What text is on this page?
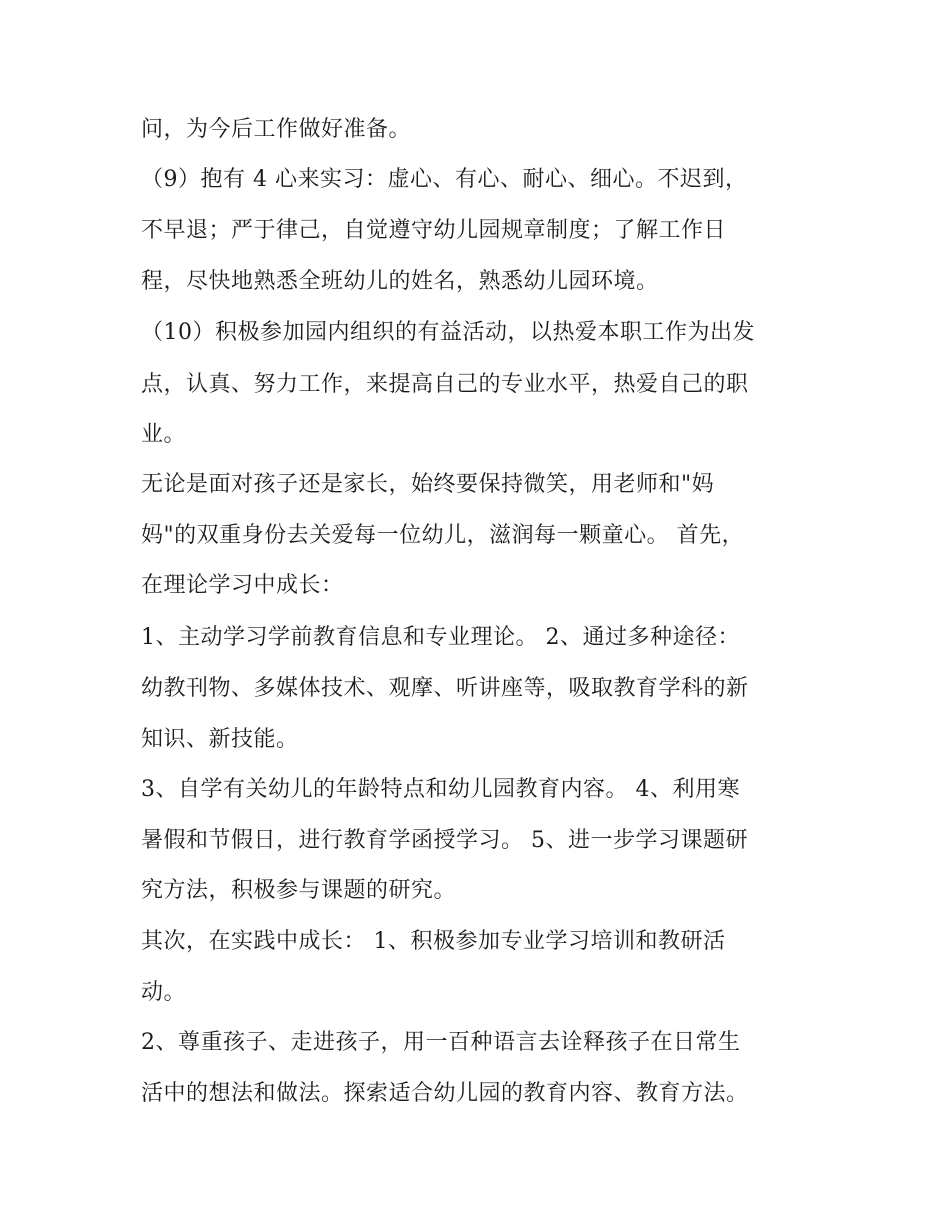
问，为今后工作做好准备。
（9）抱有 4 心来实习：虚心、有心、耐心、细心。不迟到，
不早退；严于律己，自觉遵守幼儿园规章制度；了解工作日
程，尽快地熟悉全班幼儿的姓名，熟悉幼儿园环境。
（10）积极参加园内组织的有益活动，以热爱本职工作为出发
点，认真、努力工作，来提高自己的专业水平，热爱自己的职
业。
无论是面对孩子还是家长，始终要保持微笑，用老师和"妈
妈"的双重身份去关爱每一位幼儿，滋润每一颗童心。 首先，
在理论学习中成长：
1、主动学习学前教育信息和专业理论。 2、通过多种途径：
幼教刊物、多媒体技术、观摩、听讲座等，吸取教育学科的新
知识、新技能。
3、自学有关幼儿的年龄特点和幼儿园教育内容。 4、利用寒
暑假和节假日，进行教育学函授学习。 5、进一步学习课题研
究方法，积极参与课题的研究。
其次，在实践中成长： 1、积极参加专业学习培训和教研活
动。
2、尊重孩子、走进孩子，用一百种语言去诠释孩子在日常生
活中的想法和做法。探索适合幼儿园的教育内容、教育方法。
